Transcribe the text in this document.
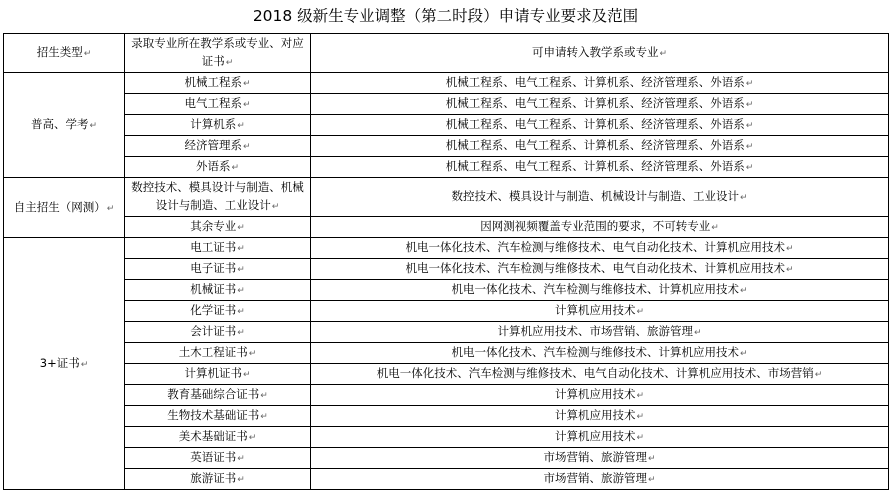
2018 级新生专业调整（第二时段）申请专业要求及范围
招生类型↵	录取专业所在教学系或专业、对应证书↵	可申请转入教学系或专业↵
普高、学考↵	机械工程系↵	机械工程系、电气工程系、计算机系、经济管理系、外语系↵
	电气工程系↵	机械工程系、电气工程系、计算机系、经济管理系、外语系↵
	计算机系↵	机械工程系、电气工程系、计算机系、经济管理系、外语系↵
	经济管理系↵	机械工程系、电气工程系、计算机系、经济管理系、外语系↵
	外语系↵	机械工程系、电气工程系、计算机系、经济管理系、外语系↵
自主招生（网测）↵	数控技术、模具设计与制造、机械设计与制造、工业设计↵	数控技术、模具设计与制造、机械设计与制造、工业设计↵
	其余专业↵	因网测视频覆盖专业范围的要求，不可转专业↵
3+证书↵	电工证书↵	机电一体化技术、汽车检测与维修技术、电气自动化技术、计算机应用技术↵
	电子证书↵	机电一体化技术、汽车检测与维修技术、电气自动化技术、计算机应用技术↵
	机械证书↵	机电一体化技术、汽车检测与维修技术、计算机应用技术↵
	化学证书↵	计算机应用技术↵
	会计证书↵	计算机应用技术、市场营销、旅游管理↵
	土木工程证书↵	机电一体化技术、汽车检测与维修技术、计算机应用技术↵
	计算机证书↵	机电一体化技术、汽车检测与维修技术、电气自动化技术、计算机应用技术、市场营销↵
	教育基础综合证书↵	计算机应用技术↵
	生物技术基础证书↵	计算机应用技术↵
	美术基础证书↵	计算机应用技术↵
	英语证书↵	市场营销、旅游管理↵
	旅游证书↵	市场营销、旅游管理↵
